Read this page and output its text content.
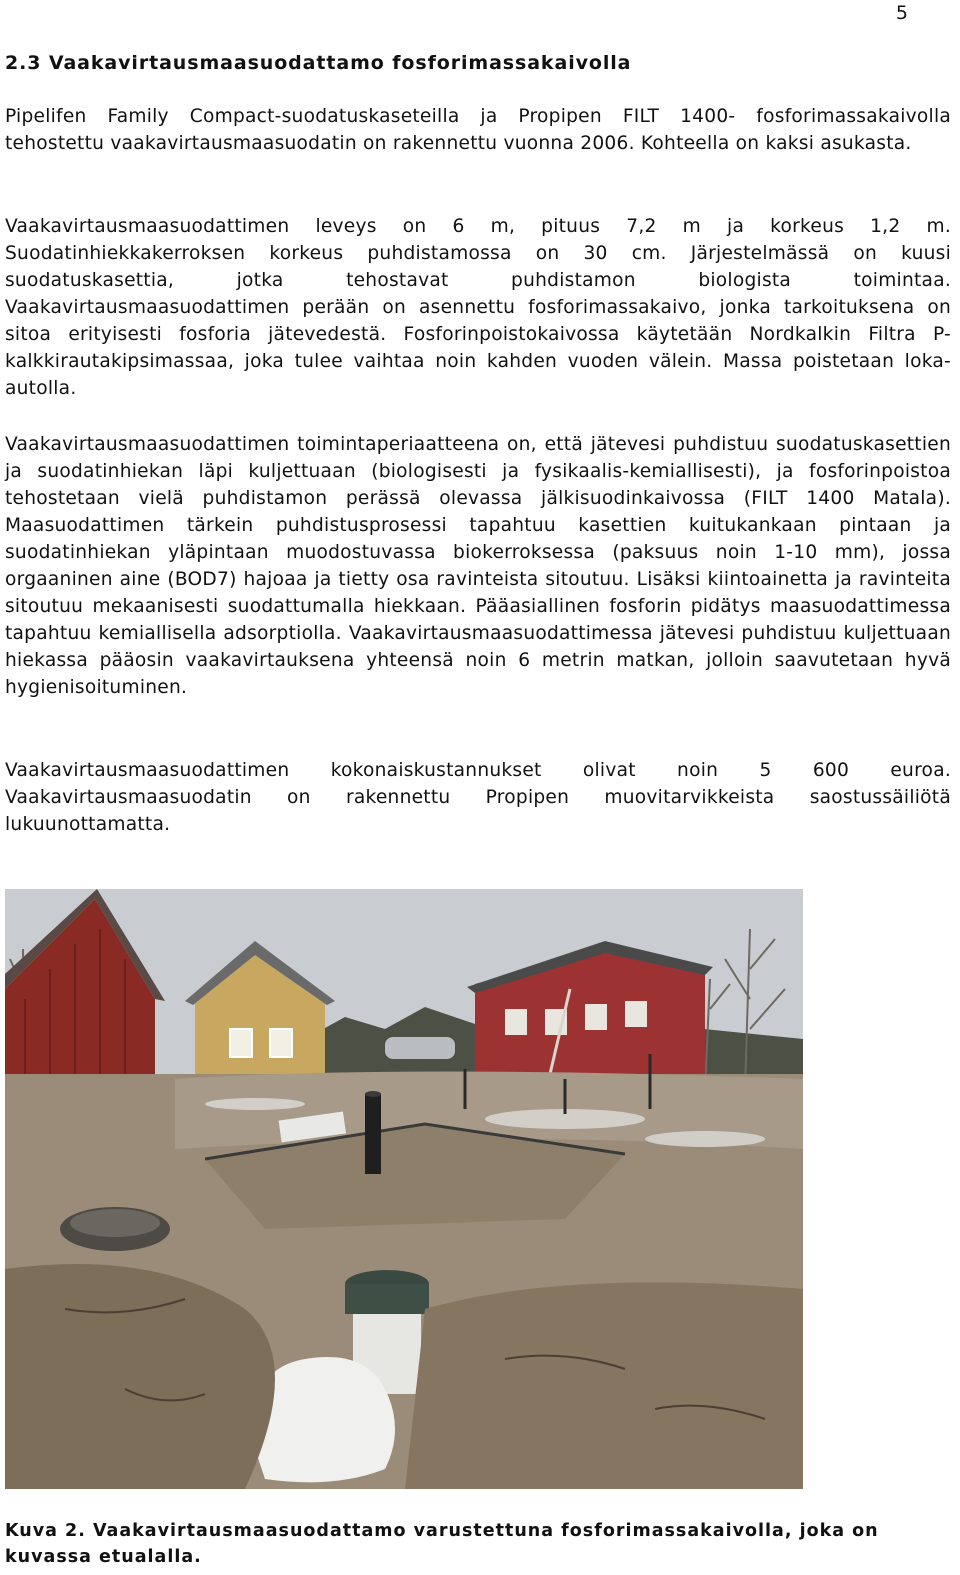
5
2.3 Vaakavirtausmaasuodattamo fosforimassakaivolla

Pipelifen Family Compact-suodatuskaseteilla ja Propipen FILT 1400- fosforimassakaivolla tehostettu vaakavirtausmaasuodatin on rakennettu vuonna 2006. Kohteella on kaksi asukasta.

Vaakavirtausmaasuodattimen leveys on 6 m, pituus 7,2 m ja korkeus 1,2 m. Suodatinhiekkakerroksen korkeus puhdistamossa on 30 cm. Järjestelmässä on kuusi suodatuskasettia, jotka tehostavat puhdistamon biologista toimintaa. Vaakavirtausmaasuodattimen perään on asennettu fosforimassakaivo, jonka tarkoituksena on sitoa erityisesti fosforia jätevedestä. Fosforinpoistokaivossa käytetään Nordkalkin Filtra P-kalkkirautakipsimassaa, joka tulee vaihtaa noin kahden vuoden välein. Massa poistetaan loka-autolla.

Vaakavirtausmaasuodattimen toimintaperiaatteena on, että jätevesi puhdistuu suodatuskasettien ja suodatinhiekan läpi kuljettuaan (biologisesti ja fysikaalis-kemiallisesti), ja fosforinpoistoa tehostetaan vielä puhdistamon perässä olevassa jälkisuodinkaivossa (FILT 1400 Matala). Maasuodattimen tärkein puhdistusprosessi tapahtuu kasettien kuitukankaan pintaan ja suodatinhiekan yläpintaan muodostuvassa biokerroksessa (paksuus noin 1-10 mm), jossa orgaaninen aine (BOD7) hajoaa ja tietty osa ravinteista sitoutuu. Lisäksi kiintoainetta ja ravinteita sitoutuu mekaanisesti suodattumalla hiekkaan. Pääasiallinen fosforin pidätys maasuodattimessa tapahtuu kemiallisella adsorptiolla. Vaakavirtausmaasuodattimessa jätevesi puhdistuu kuljettuaan hiekassa pääosin vaakavirtauksena yhteensä noin 6 metrin matkan, jolloin saavutetaan hyvä hygienisoituminen.

Vaakavirtausmaasuodattimen kokonaiskustannukset olivat noin 5 600 euroa. Vaakavirtausmaasuodatin on rakennettu Propipen muovitarvikkeista saostussäiliötä lukuunottamatta.

Kuva 2. Vaakavirtausmaasuodattamo varustettuna fosforimassakaivolla, joka on kuvassa etualalla.
